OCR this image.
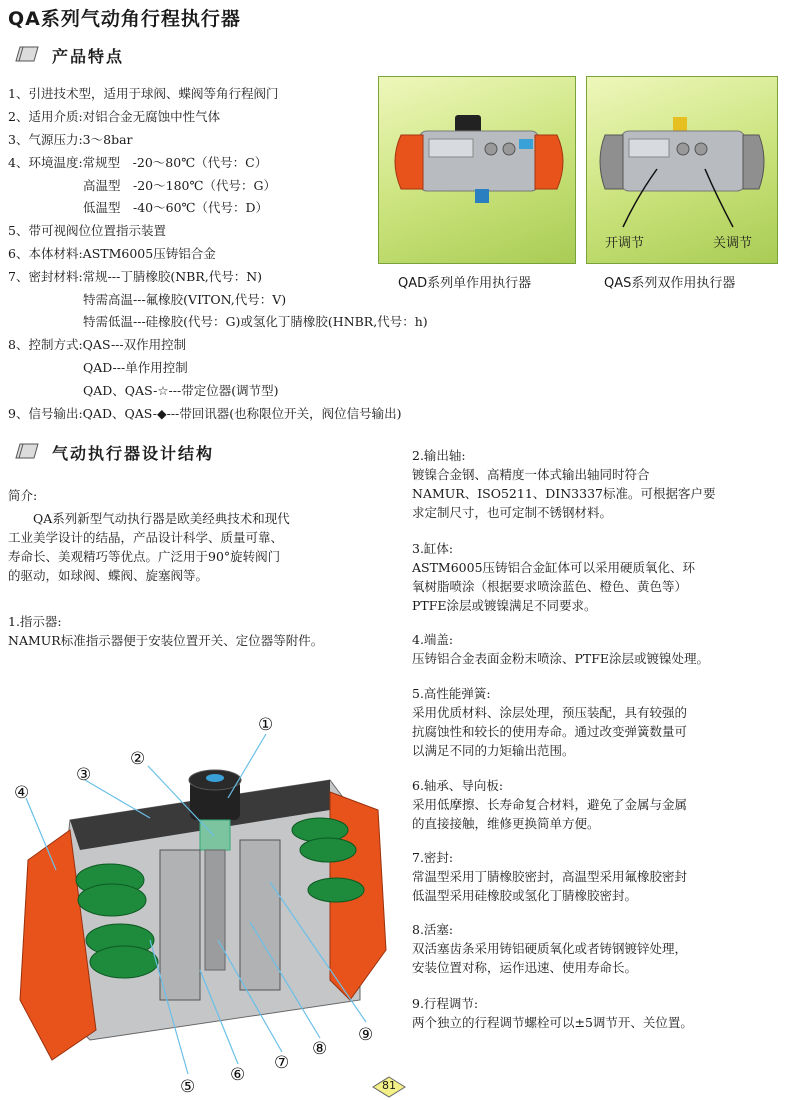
QA系列气动角行程执行器
产品特点
1、引进技术型，适用于球阀、蝶阀等角行程阀门
2、适用介质:对铝合金无腐蚀中性气体
3、气源压力:3～8bar
4、环境温度:常规型　-20～80℃（代号：C）
　　　　　　高温型　-20～180℃（代号：G）
　　　　　　低温型　-40～60℃（代号：D）
5、带可视阀位位置指示装置
6、本体材料:ASTM6005压铸铝合金
7、密封材料:常规---丁腈橡胶(NBR,代号：N)
　　　　　　特需高温---氟橡胶(VITON,代号：V)
　　　　　　特需低温---硅橡胶(代号：G)或氢化丁腈橡胶(HNBR,代号：h)
8、控制方式:QAS---双作用控制
　　　　　　QAD---单作用控制
　　　　　　QAD、QAS-☆---带定位器(调节型)
9、信号输出:QAD、QAS-◆---带回讯器(也称限位开关，阀位信号输出)
QAD系列单作用执行器
开调节	关调节
QAS系列双作用执行器
气动执行器设计结构
简介:
　　QA系列新型气动执行器是欧美经典技术和现代
工业美学设计的结晶，产品设计科学、质量可靠、
寿命长、美观精巧等优点。广泛用于90°旋转阀门
的驱动，如球阀、蝶阀、旋塞阀等。
1.指示器:
NAMUR标准指示器便于安装位置开关、定位器等附件。
2.输出轴:
镀镍合金钢、高精度一体式输出轴同时符合
NAMUR、ISO5211、DIN3337标准。可根据客户要
求定制尺寸，也可定制不锈钢材料。
3.缸体:
ASTM6005压铸铝合金缸体可以采用硬质氧化、环
氧树脂喷涂（根据要求喷涂蓝色、橙色、黄色等）
PTFE涂层或镀镍满足不同要求。
4.端盖:
压铸铝合金表面金粉末喷涂、PTFE涂层或镀镍处理。
5.高性能弹簧:
采用优质材料、涂层处理，预压装配，具有较强的
抗腐蚀性和较长的使用寿命。通过改变弹簧数量可
以满足不同的力矩输出范围。
6.轴承、导向板:
采用低摩擦、长寿命复合材料，避免了金属与金属
的直接接触，维修更换简单方便。
7.密封:
常温型采用丁腈橡胶密封，高温型采用氟橡胶密封
低温型采用硅橡胶或氢化丁腈橡胶密封。
8.活塞:
双活塞齿条采用铸铝硬质氧化或者铸钢镀锌处理，
安装位置对称，运作迅速、使用寿命长。
9.行程调节:
两个独立的行程调节螺栓可以±5调节开、关位置。
①
②
③
④
⑤
⑥
⑦
⑧
⑨
81
